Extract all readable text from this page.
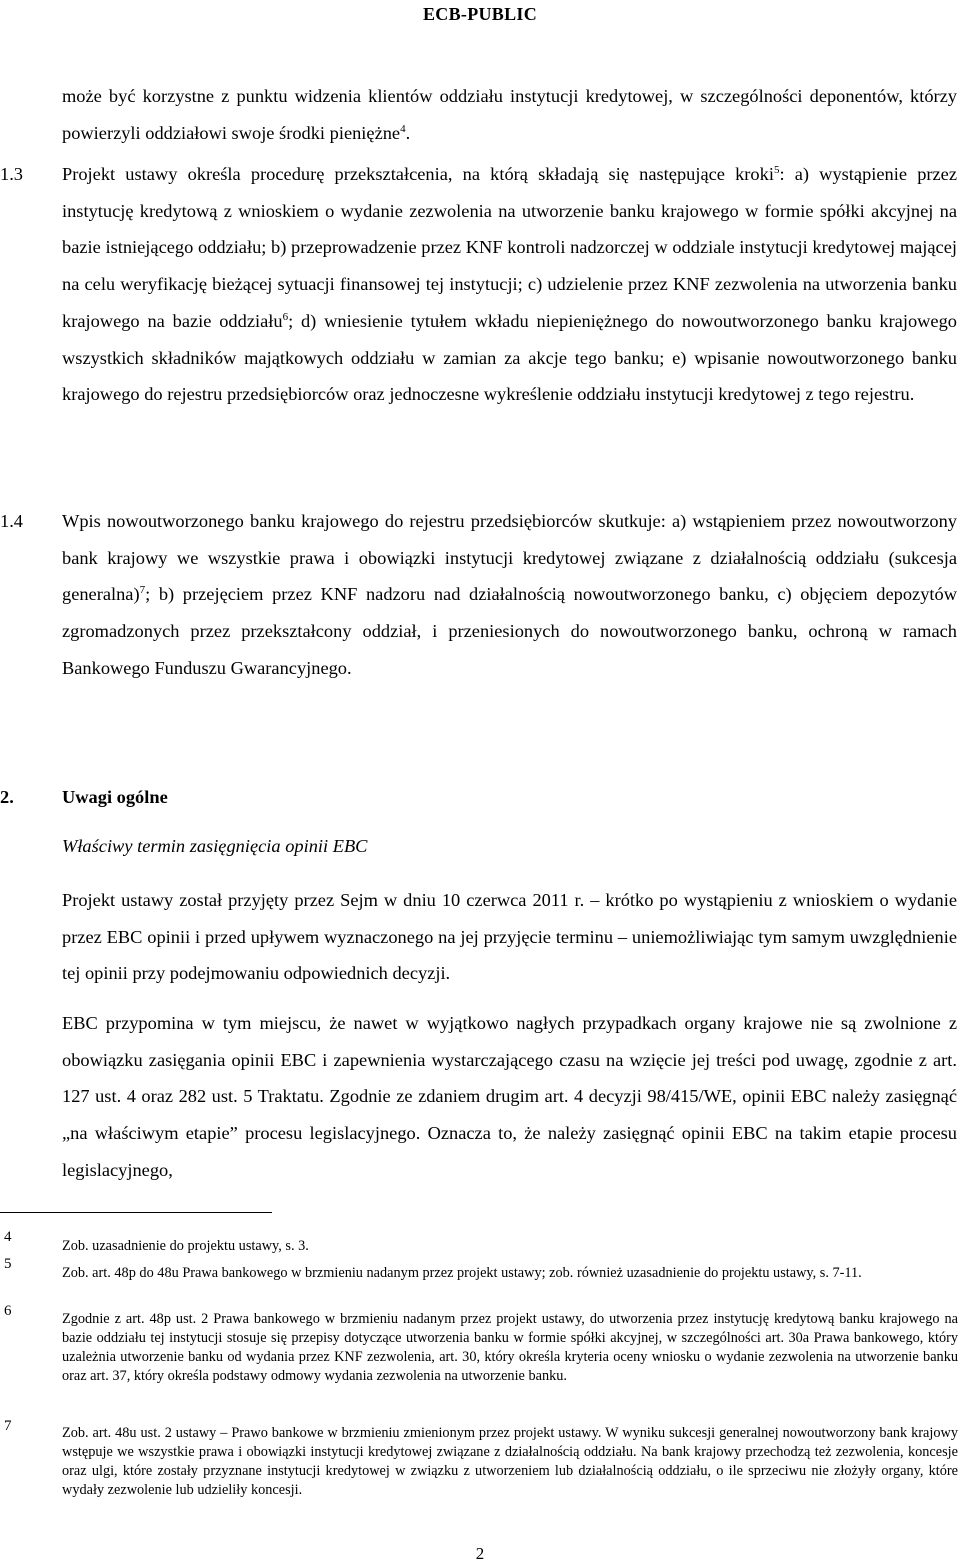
ECB-PUBLIC
może być korzystne z punktu widzenia klientów oddziału instytucji kredytowej, w szczególności deponentów, którzy powierzyli oddziałowi swoje środki pieniężne$^4$.
1.3 Projekt ustawy określa procedurę przekształcenia, na którą składają się następujące kroki$^5$: a) wystąpienie przez instytucję kredytową z wnioskiem o wydanie zezwolenia na utworzenie banku krajowego w formie spółki akcyjnej na bazie istniejącego oddziału; b) przeprowadzenie przez KNF kontroli nadzorczej w oddziale instytucji kredytowej mającej na celu weryfikację bieżącej sytuacji finansowej tej instytucji; c) udzielenie przez KNF zezwolenia na utworzenia banku krajowego na bazie oddziału$^6$; d) wniesienie tytułem wkładu niepieniężnego do nowoutworzonego banku krajowego wszystkich składników majątkowych oddziału w zamian za akcje tego banku; e) wpisanie nowoutworzonego banku krajowego do rejestru przedsiębiorców oraz jednoczesne wykreślenie oddziału instytucji kredytowej z tego rejestru.
1.4 Wpis nowoutworzonego banku krajowego do rejestru przedsiębiorców skutkuje: a) wstąpieniem przez nowoutworzony bank krajowy we wszystkie prawa i obowiązki instytucji kredytowej związane z działalnością oddziału (sukcesja generalna)$^7$; b) przejęciem przez KNF nadzoru nad działalnością nowoutworzonego banku, c) objęciem depozytów zgromadzonych przez przekształcony oddział, i przeniesionych do nowoutworzonego banku, ochroną w ramach Bankowego Funduszu Gwarancyjnego.
2.	Uwagi ogólne
Właściwy termin zasięgnięcia opinii EBC
Projekt ustawy został przyjęty przez Sejm w dniu 10 czerwca 2011 r. ‒ krótko po wystąpieniu z wnioskiem o wydanie przez EBC opinii i przed upływem wyznaczonego na jej przyjęcie terminu ‒ uniemożliwiając tym samym uwzględnienie tej opinii przy podejmowaniu odpowiednich decyzji.
EBC przypomina w tym miejscu, że nawet w wyjątkowo nagłych przypadkach organy krajowe nie są zwolnione z obowiązku zasięgania opinii EBC i zapewnienia wystarczającego czasu na wzięcie jej treści pod uwagę, zgodnie z art. 127 ust. 4 oraz 282 ust. 5 Traktatu. Zgodnie ze zdaniem drugim art. 4 decyzji 98/415/WE, opinii EBC należy zasięgnąć „na właściwym etapie” procesu legislacyjnego. Oznacza to, że należy zasięgnąć opinii EBC na takim etapie procesu legislacyjnego,
4
Zob. uzasadnienie do projektu ustawy, s. 3.
5
Zob. art. 48p do 48u Prawa bankowego w brzmieniu nadanym przez projekt ustawy; zob. również uzasadnienie do projektu ustawy, s. 7-11.
6	Zgodnie z art. 48p ust. 2 Prawa bankowego w brzmieniu nadanym przez projekt ustawy, do utworzenia przez instytucję kredytową banku krajowego na bazie oddziału tej instytucji stosuje się przepisy dotyczące utworzenia banku w formie spółki akcyjnej, w szczególności art. 30a Prawa bankowego, który uzależnia utworzenie banku od wydania przez KNF zezwolenia, art. 30, który określa kryteria oceny wniosku o wydanie zezwolenia na utworzenie banku oraz art. 37, który określa podstawy odmowy wydania zezwolenia na utworzenie banku.
7	Zob. art. 48u ust. 2 ustawy ‒ Prawo bankowe w brzmieniu zmienionym przez projekt ustawy. W wyniku sukcesji generalnej nowoutworzony bank krajowy wstępuje we wszystkie prawa i obowiązki instytucji kredytowej związane z działalnością oddziału. Na bank krajowy przechodzą też zezwolenia, koncesje oraz ulgi, które zostały przyznane instytucji kredytowej w związku z utworzeniem lub działalnością oddziału, o ile sprzeciwu nie złożyły organy, które wydały zezwolenie lub udzieliły koncesji.
2
